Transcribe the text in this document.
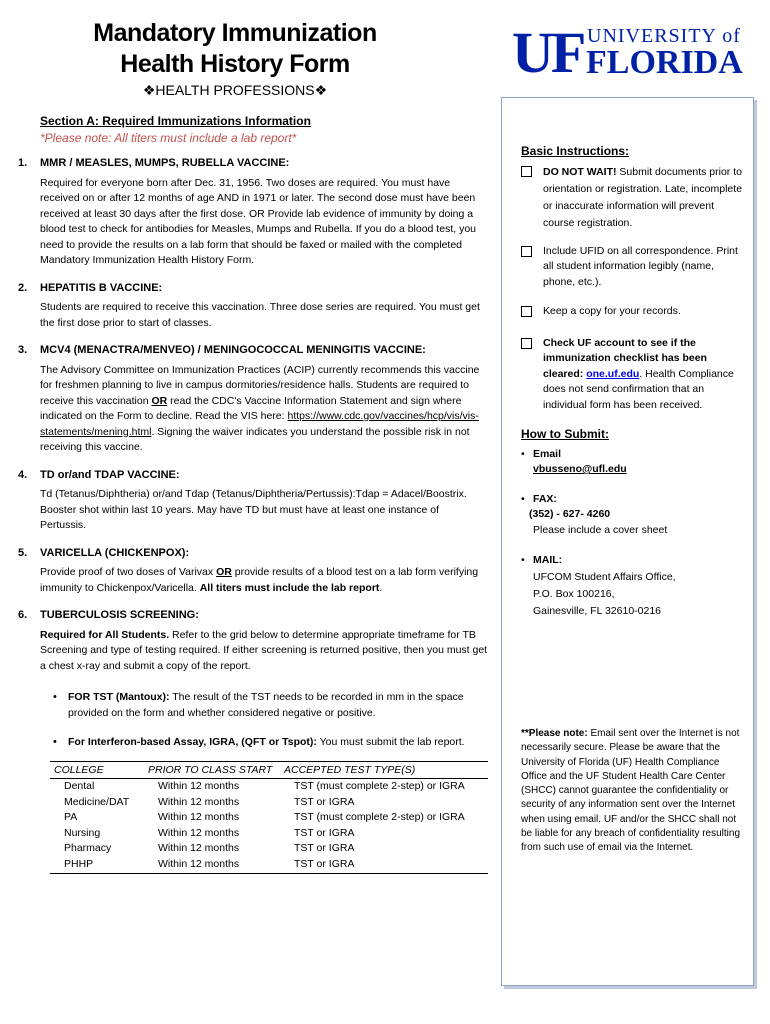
Mandatory Immunization
Health History Form
❖HEALTH PROFESSIONS❖
UF UNIVERSITY of
FLORIDA
Section A: Required Immunizations Information
*Please note: All titers must include a lab report*
1. MMR / MEASLES, MUMPS, RUBELLA VACCINE:
Required for everyone born after Dec. 31, 1956. Two doses are required. You must have received on or after 12 months of age AND in 1971 or later. The second dose must have been received at least 30 days after the first dose. OR Provide lab evidence of immunity by doing a blood test to check for antibodies for Measles, Mumps and Rubella. If you do a blood test, you need to provide the results on a lab form that should be faxed or mailed with the completed Mandatory Immunization Health History Form.
2. HEPATITIS B VACCINE:
Students are required to receive this vaccination. Three dose series are required. You must get the first dose prior to start of classes.
3. MCV4 (MENACTRA/MENVEO) / MENINGOCOCCAL MENINGITIS VACCINE:
The Advisory Committee on Immunization Practices (ACIP) currently recommends this vaccine for freshmen planning to live in campus dormitories/residence halls. Students are required to receive this vaccination OR read the CDC's Vaccine Information Statement and sign where indicated on the Form to decline. Read the VIS here: https://www.cdc.gov/vaccines/hcp/vis/vis-statements/mening.html. Signing the waiver indicates you understand the possible risk in not receiving this vaccine.
4. TD or/and TDAP VACCINE:
Td (Tetanus/Diphtheria) or/and Tdap (Tetanus/Diphtheria/Pertussis):Tdap = Adacel/Boostrix. Booster shot within last 10 years. May have TD but must have at least one instance of Pertussis.
5. VARICELLA (CHICKENPOX):
Provide proof of two doses of Varivax OR provide results of a blood test on a lab form verifying immunity to Chickenpox/Varicella. All titers must include the lab report.
6. TUBERCULOSIS SCREENING:
Required for All Students. Refer to the grid below to determine appropriate timeframe for TB Screening and type of testing required. If either screening is returned positive, then you must get a chest x-ray and submit a copy of the report.
• FOR TST (Mantoux): The result of the TST needs to be recorded in mm in the space provided on the form and whether considered negative or positive.
• For Interferon-based Assay, IGRA, (QFT or Tspot): You must submit the lab report.
COLLEGE	PRIOR TO CLASS START	ACCEPTED TEST TYPE(S)
Dental	Within 12 months	TST (must complete 2-step) or IGRA
Medicine/DAT	Within 12 months	TST or IGRA
PA	Within 12 months	TST (must complete 2-step) or IGRA
Nursing	Within 12 months	TST or IGRA
Pharmacy	Within 12 months	TST or IGRA
PHHP	Within 12 months	TST or IGRA
Basic Instructions:
DO NOT WAIT! Submit documents prior to orientation or registration. Late, incomplete or inaccurate information will prevent course registration.
Include UFID on all correspondence. Print all student information legibly (name, phone, etc.).
Keep a copy for your records.
Check UF account to see if the immunization checklist has been cleared: one.uf.edu. Health Compliance does not send confirmation that an individual form has been received.
How to Submit:
• Email
vbusseno@ufl.edu
• FAX:
(352) - 627- 4260
Please include a cover sheet
• MAIL:
UFCOM Student Affairs Office,
P.O. Box 100216,
Gainesville, FL 32610-0216
**Please note: Email sent over the Internet is not necessarily secure. Please be aware that the University of Florida (UF) Health Compliance Office and the UF Student Health Care Center (SHCC) cannot guarantee the confidentiality or security of any information sent over the Internet when using email. UF and/or the SHCC shall not be liable for any breach of confidentiality resulting from such use of email via the Internet.
